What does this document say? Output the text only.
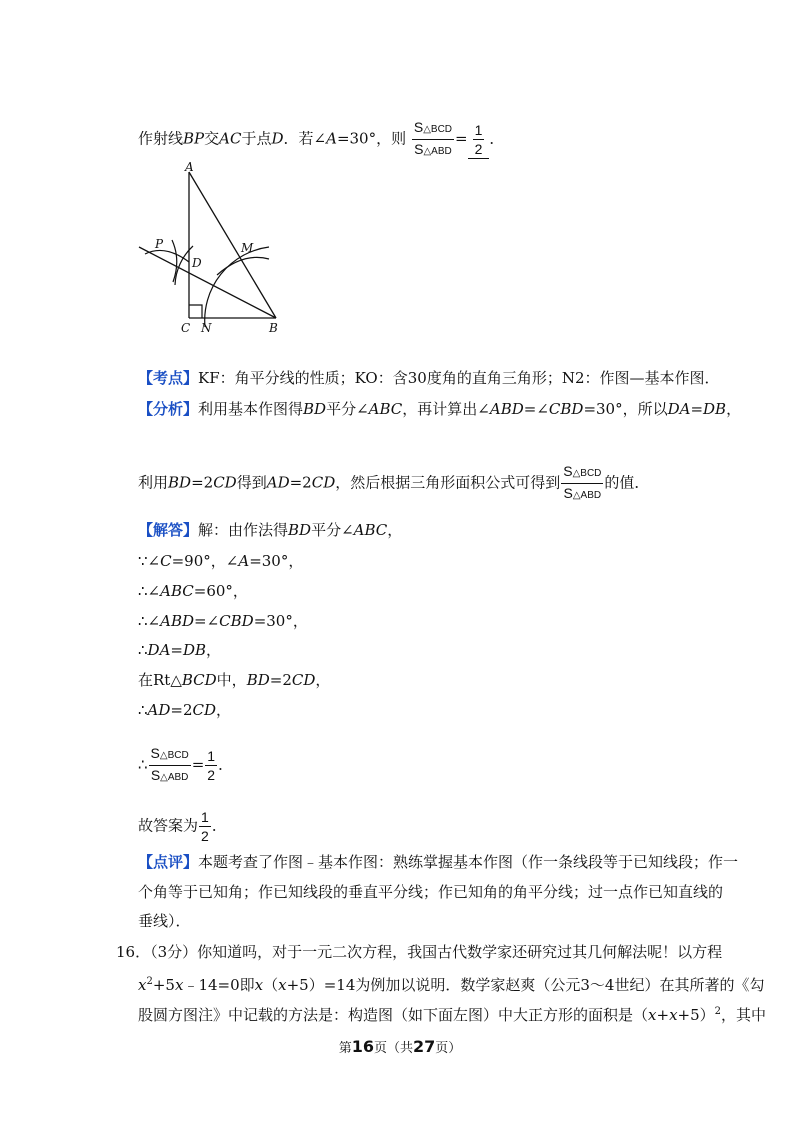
作射线BP交AC于点D．若∠A=30°，则 $\frac{\text{S△BCD}}{\text{S△ABD}} = \frac{1}{2}$ ．
A
P	M
D
C N	B
【考点】KF：角平分线的性质；KO：含30度角的直角三角形；N2：作图—基本作图．
【分析】利用基本作图得BD平分∠ABC，再计算出∠ABD=∠CBD=30°，所以DA=DB，
利用BD=2CD得到AD=2CD，然后根据三角形面积公式可得到 $\frac{\text{S△BCD}}{\text{S△ABD}}$ 的值．
【解答】解：由作法得BD平分∠ABC，
∵∠C=90°，∠A=30°，
∴∠ABC=60°，
∴∠ABD=∠CBD=30°，
∴DA=DB，
在Rt△BCD中，BD=2CD，
∴AD=2CD，
∴ $\frac{\text{S△BCD}}{\text{S△ABD}} = \frac{1}{2}$ ．
故答案为 $\frac{1}{2}$ ．
【点评】本题考查了作图﹣基本作图：熟练掌握基本作图（作一条线段等于已知线段；作一
个角等于已知角；作已知线段的垂直平分线；作已知角的角平分线；过一点作已知直线的
垂线）．
16．（3分）你知道吗，对于一元二次方程，我国古代数学家还研究过其几何解法呢！以方程
$x^2+5x﹣14=0$即x（x+5）=14为例加以说明．数学家赵爽（公元3～4世纪）在其所著的《勾
股圆方图注》中记载的方法是：构造图（如下面左图）中大正方形的面积是$(x+x+5)^2$，其中
第16页（共27页）
